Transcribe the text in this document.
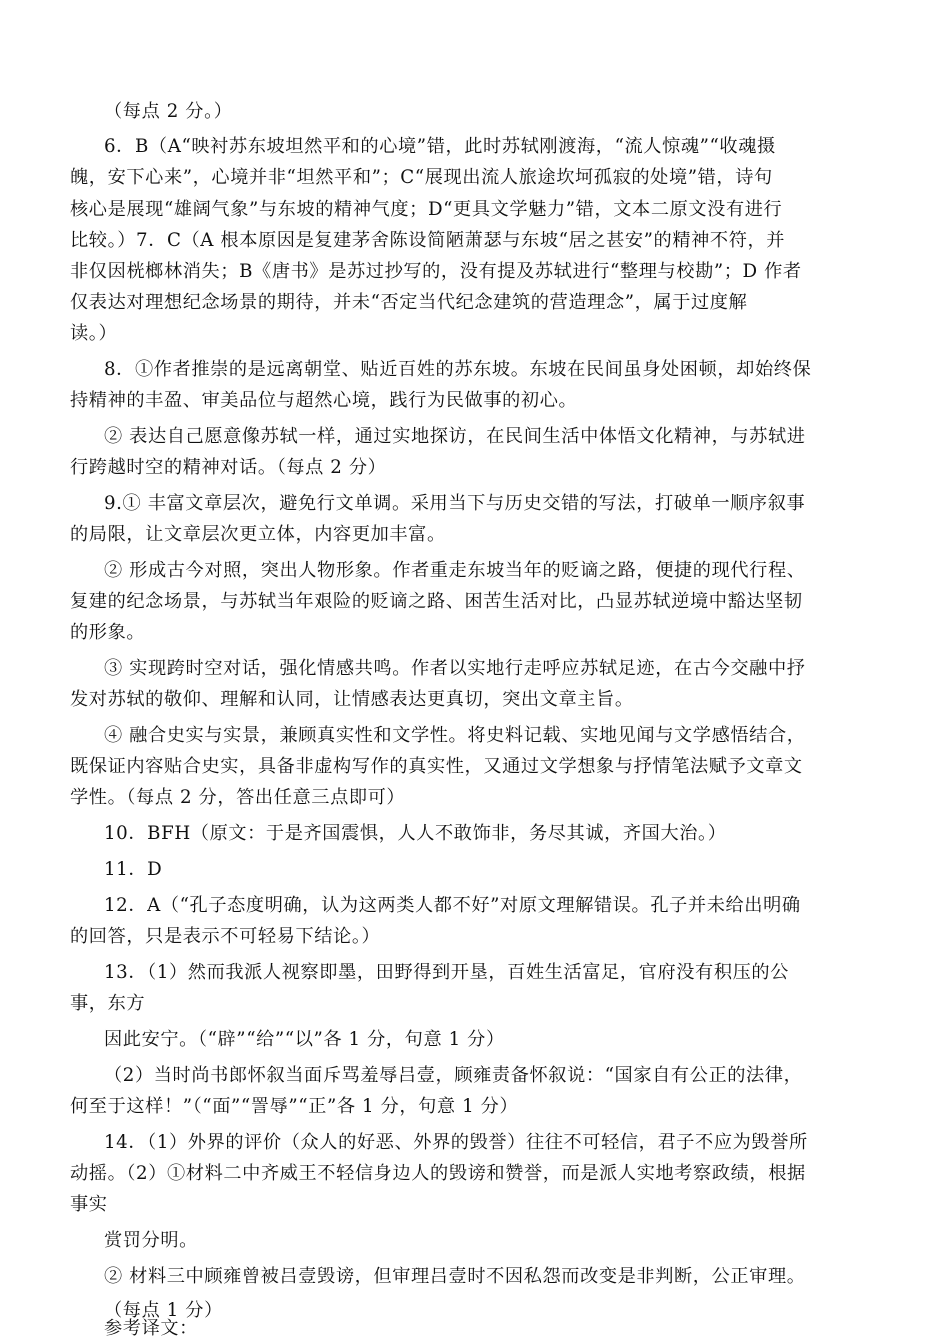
（每点 2 分。）

6．B（A“映衬苏东坡坦然平和的心境”错，此时苏轼刚渡海，“流人惊魂”“收魂摄

魄，安下心来”，心境并非“坦然平和”；C“展现出流人旅途坎坷孤寂的处境”错，诗句

核心是展现“雄阔气象”与东坡的精神气度；D“更具文学魅力”错，文本二原文没有进行

比较。）7．C（A 根本原因是复建茅舍陈设简陋萧瑟与东坡“居之甚安”的精神不符，并

非仅因桄榔林消失；B《唐书》是苏过抄写的，没有提及苏轼进行“整理与校勘”；D 作者

仅表达对理想纪念场景的期待，并未“否定当代纪念建筑的营造理念”，属于过度解

读。）

8．①作者推崇的是远离朝堂、贴近百姓的苏东坡。东坡在民间虽身处困顿，却始终保

持精神的丰盈、审美品位与超然心境，践行为民做事的初心。

② 表达自己愿意像苏轼一样，通过实地探访，在民间生活中体悟文化精神，与苏轼进

行跨越时空的精神对话。（每点 2 分）

9.① 丰富文章层次，避免行文单调。采用当下与历史交错的写法，打破单一顺序叙事

的局限，让文章层次更立体，内容更加丰富。

② 形成古今对照，突出人物形象。作者重走东坡当年的贬谪之路，便捷的现代行程、

复建的纪念场景，与苏轼当年艰险的贬谪之路、困苦生活对比，凸显苏轼逆境中豁达坚韧

的形象。

③ 实现跨时空对话，强化情感共鸣。作者以实地行走呼应苏轼足迹，在古今交融中抒

发对苏轼的敬仰、理解和认同，让情感表达更真切，突出文章主旨。

④ 融合史实与实景，兼顾真实性和文学性。将史料记载、实地见闻与文学感悟结合，

既保证内容贴合史实，具备非虚构写作的真实性，又通过文学想象与抒情笔法赋予文章文

学性。（每点 2 分，答出任意三点即可）

10．BFH（原文：于是齐国震惧，人人不敢饰非，务尽其诚，齐国大治。）

11．D

12．A（“孔子态度明确，认为这两类人都不好”对原文理解错误。孔子并未给出明确

的回答，只是表示不可轻易下结论。）

13．（1）然而我派人视察即墨，田野得到开垦，百姓生活富足，官府没有积压的公

事，东方

因此安宁。（“辟”“给”“以”各 1 分，句意 1 分）

（2）当时尚书郎怀叙当面斥骂羞辱吕壹，顾雍责备怀叙说：“国家自有公正的法律，

何至于这样！”（“面”“詈辱”“正”各 1 分，句意 1 分）

14．（1）外界的评价（众人的好恶、外界的毁誉）往往不可轻信，君子不应为毁誉所

动摇。（2）①材料二中齐威王不轻信身边人的毁谤和赞誉，而是派人实地考察政绩，根据

事实

赏罚分明。

② 材料三中顾雍曾被吕壹毁谤，但审理吕壹时不因私怨而改变是非判断，公正审理。

（每点 1 分）

参考译文：
